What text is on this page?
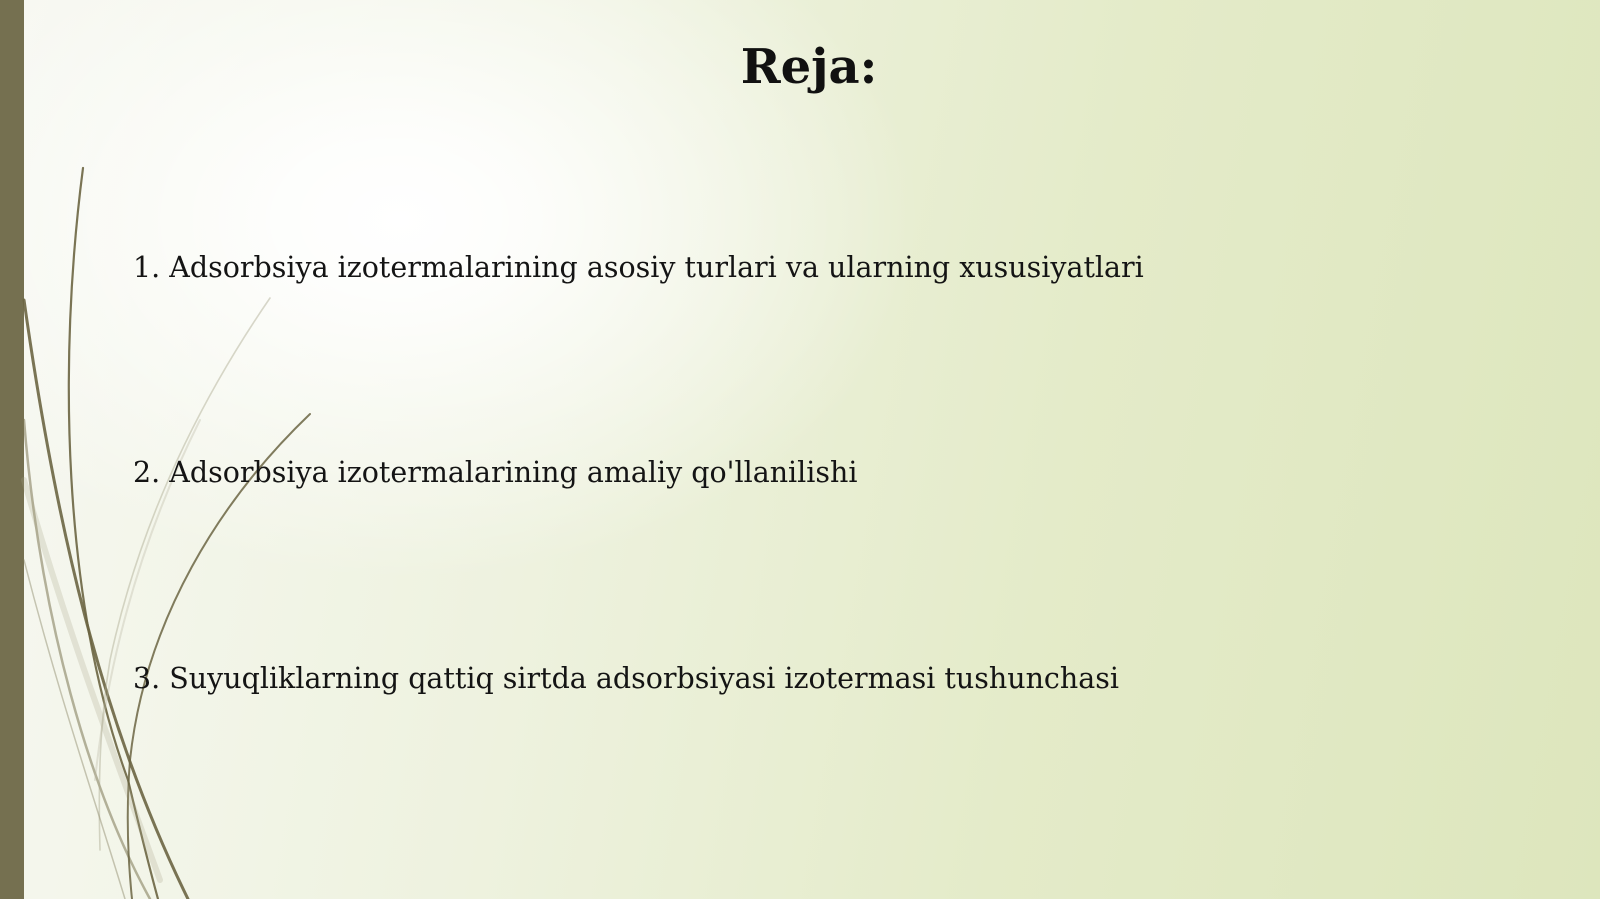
Reja:
1. Adsorbsiya izotermalarining asosiy turlari va ularning xususiyatlari
2. Adsorbsiya izotermalarining amaliy qo'llanilishi
3. Suyuqliklarning qattiq sirtda adsorbsiyasi izotermasi tushunchasi
